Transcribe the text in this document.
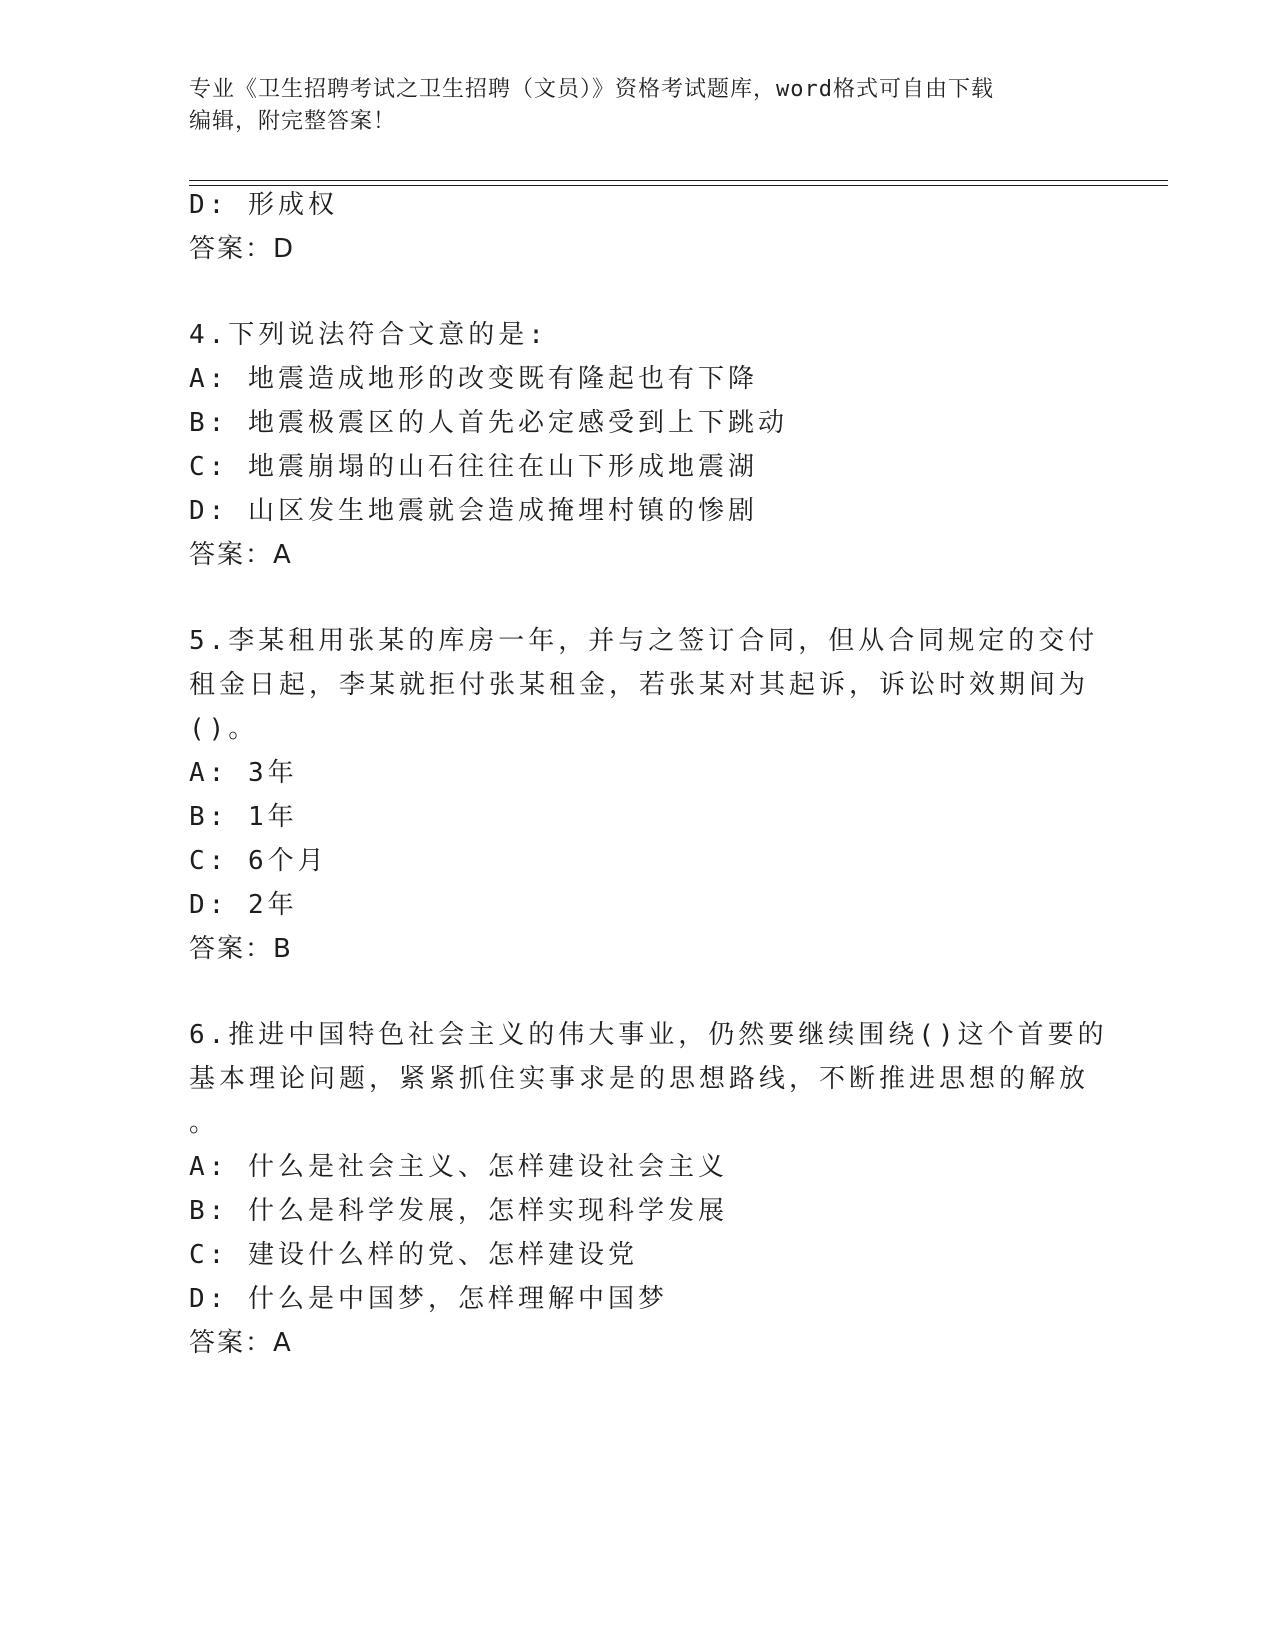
专业《卫生招聘考试之卫生招聘（文员）》资格考试题库，word格式可自由下载
编辑，附完整答案！
D: 形成权
答案：D
4.下列说法符合文意的是:
A: 地震造成地形的改变既有隆起也有下降
B: 地震极震区的人首先必定感受到上下跳动
C: 地震崩塌的山石往往在山下形成地震湖
D: 山区发生地震就会造成掩埋村镇的惨剧
答案：A
5.李某租用张某的库房一年，并与之签订合同，但从合同规定的交付
租金日起，李某就拒付张某租金，若张某对其起诉，诉讼时效期间为
()。
A: 3年
B: 1年
C: 6个月
D: 2年
答案：B
6.推进中国特色社会主义的伟大事业，仍然要继续围绕()这个首要的
基本理论问题，紧紧抓住实事求是的思想路线，不断推进思想的解放
。
A: 什么是社会主义、怎样建设社会主义
B: 什么是科学发展，怎样实现科学发展
C: 建设什么样的党、怎样建设党
D: 什么是中国梦，怎样理解中国梦
答案：A
